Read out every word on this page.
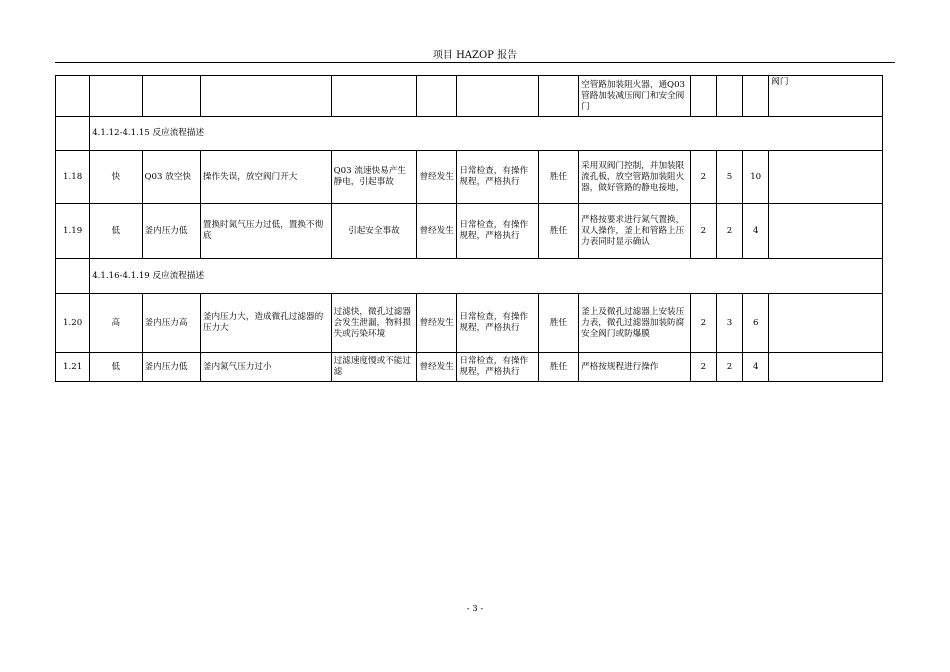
项目 HAZOP 报告
								空管路加装阻火器，通Q03管路加装减压阀门和安全阀门				阀门
	4.1.12-4.1.15 反应流程描述											
1.18	快	Q03 放空快	操作失误，放空阀门开大	Q03 流速快易产生静电，引起事故	曾经发生	日常检查，有操作规程，严格执行	胜任	采用双阀门控制，并加装限流孔板，放空管路加装阻火器，做好管路的静电接地，	2	5	10	
1.19	低	釜内压力低	置换时氮气压力过低，置换不彻底	引起安全事故	曾经发生	日常检查，有操作规程，严格执行	胜任	严格按要求进行氮气置换，双人操作，釜上和管路上压力表同时显示确认	2	2	4	
	4.1.16-4.1.19 反应流程描述											
1.20	高	釜内压力高	釜内压力大，造成微孔过滤器的压力大	过滤快，微孔过滤器会发生泄漏，物料损失或污染环境	曾经发生	日常检查，有操作规程，严格执行	胜任	釜上及微孔过滤器上安装压力表，微孔过滤器加装防腐安全阀门或防爆膜	2	3	6	
1.21	低	釜内压力低	釜内氮气压力过小	过滤速度慢或不能过滤	曾经发生	日常检查，有操作规程，严格执行	胜任	严格按规程进行操作	2	2	4	
- 3 -
